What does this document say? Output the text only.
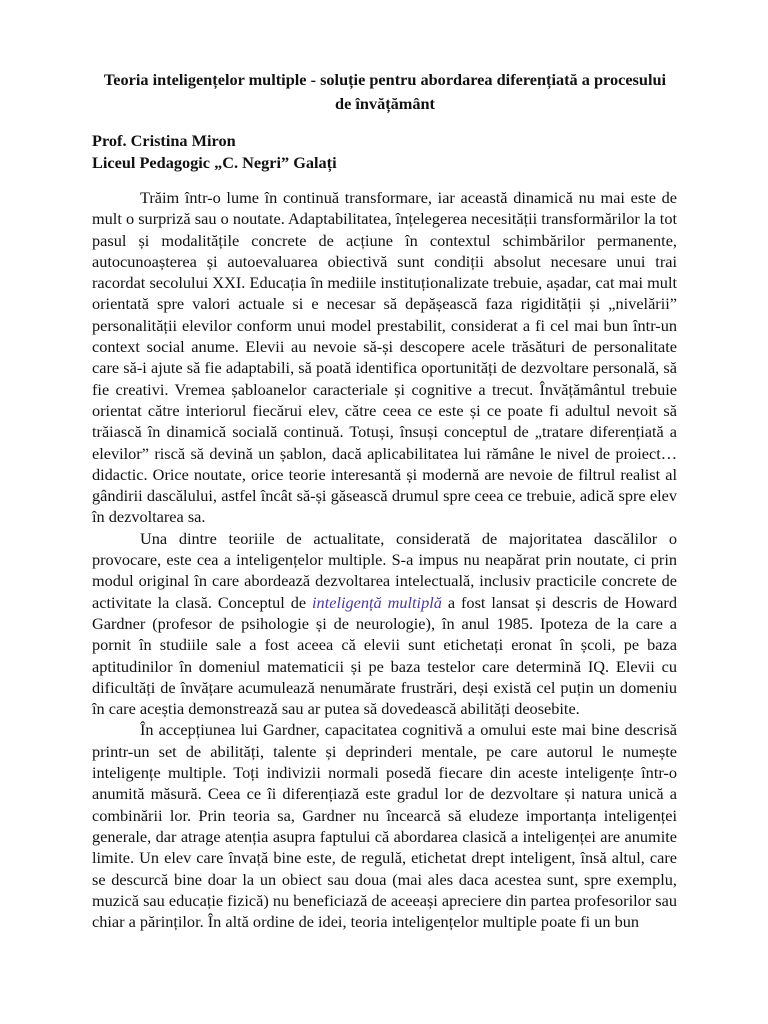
Teoria inteligențelor multiple - soluție pentru abordarea diferențiată a procesului de învățământ
Prof. Cristina Miron
Liceul Pedagogic „C. Negri” Galați

Trăim într-o lume în continuă transformare, iar această dinamică nu mai este de mult o surpriză sau o noutate. Adaptabilitatea, înțelegerea necesității transformărilor la tot pasul și modalitățile concrete de acțiune în contextul schimbărilor permanente, autocunoașterea și autoevaluarea obiectivă sunt condiții absolut necesare unui trai racordat secolului XXI. Educația în mediile instituționalizate trebuie, așadar, cat mai mult orientată spre valori actuale si e necesar să depășească faza rigidității și „nivelării” personalității elevilor conform unui model prestabilit, considerat a fi cel mai bun într-un context social anume. Elevii au nevoie să-și descopere acele trăsături de personalitate care să-i ajute să fie adaptabili, să poată identifica oportunități de dezvoltare personală, să fie creativi. Vremea șabloanelor caracteriale și cognitive a trecut. Învățământul trebuie orientat către interiorul fiecărui elev, către ceea ce este și ce poate fi adultul nevoit să trăiască în dinamică socială continuă. Totuși, însuși conceptul de „tratare diferențiată a elevilor” riscă să devină un șablon, dacă aplicabilitatea lui rămâne le nivel de proiect… didactic. Orice noutate, orice teorie interesantă și modernă are nevoie de filtrul realist al gândirii dascălului, astfel încât să-și găsească drumul spre ceea ce trebuie, adică spre elev în dezvoltarea sa.

Una dintre teoriile de actualitate, considerată de majoritatea dascălilor o provocare, este cea a inteligențelor multiple. S-a impus nu neapărat prin noutate, ci prin modul original în care abordează dezvoltarea intelectuală, inclusiv practicile concrete de activitate la clasă. Conceptul de inteligență multiplă a fost lansat și descris de Howard Gardner (profesor de psihologie și de neurologie), în anul 1985. Ipoteza de la care a pornit în studiile sale a fost aceea că elevii sunt etichetați eronat în școli, pe baza aptitudinilor în domeniul matematicii și pe baza testelor care determină IQ. Elevii cu dificultăți de învățare acumulează nenumărate frustrări, deși există cel puțin un domeniu în care aceștia demonstrează sau ar putea să dovedească abilități deosebite.

În accepțiunea lui Gardner, capacitatea cognitivă a omului este mai bine descrisă printr-un set de abilități, talente și deprinderi mentale, pe care autorul le numește inteligențe multiple. Toți indivizii normali posedă fiecare din aceste inteligențe într-o anumită măsură. Ceea ce îi diferențiază este gradul lor de dezvoltare și natura unică a combinării lor. Prin teoria sa, Gardner nu încearcă să eludeze importanța inteligenței generale, dar atrage atenția asupra faptului că abordarea clasică a inteligenței are anumite limite. Un elev care învață bine este, de regulă, etichetat drept inteligent, însă altul, care se descurcă bine doar la un obiect sau doua (mai ales daca acestea sunt, spre exemplu, muzică sau educație fizică) nu beneficiază de aceeași apreciere din partea profesorilor sau chiar a părinților. În altă ordine de idei, teoria inteligențelor multiple poate fi un bun
